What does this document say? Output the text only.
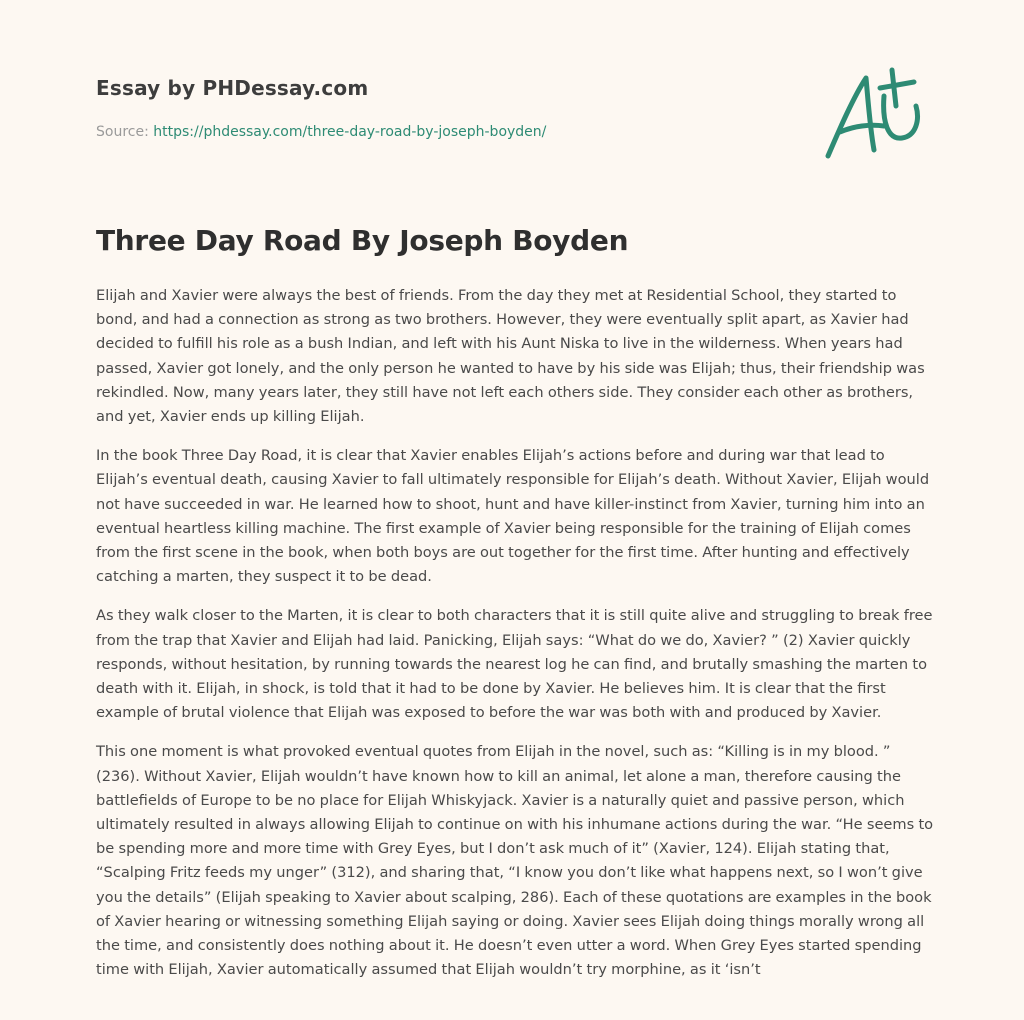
Essay by PHDessay.com
Source: https://phdessay.com/three-day-road-by-joseph-boyden/
Three Day Road By Joseph Boyden

Elijah and Xavier were always the best of friends. From the day they met at Residential School, they started to bond, and had a connection as strong as two brothers. However, they were eventually split apart, as Xavier had decided to fulfill his role as a bush Indian, and left with his Aunt Niska to live in the wilderness. When years had passed, Xavier got lonely, and the only person he wanted to have by his side was Elijah; thus, their friendship was rekindled. Now, many years later, they still have not left each others side. They consider each other as brothers, and yet, Xavier ends up killing Elijah.

In the book Three Day Road, it is clear that Xavier enables Elijah’s actions before and during war that lead to Elijah’s eventual death, causing Xavier to fall ultimately responsible for Elijah’s death. Without Xavier, Elijah would not have succeeded in war. He learned how to shoot, hunt and have killer-instinct from Xavier, turning him into an eventual heartless killing machine. The first example of Xavier being responsible for the training of Elijah comes from the first scene in the book, when both boys are out together for the first time. After hunting and effectively catching a marten, they suspect it to be dead.

As they walk closer to the Marten, it is clear to both characters that it is still quite alive and struggling to break free from the trap that Xavier and Elijah had laid. Panicking, Elijah says: “What do we do, Xavier? ” (2) Xavier quickly responds, without hesitation, by running towards the nearest log he can find, and brutally smashing the marten to death with it. Elijah, in shock, is told that it had to be done by Xavier. He believes him. It is clear that the first example of brutal violence that Elijah was exposed to before the war was both with and produced by Xavier.

This one moment is what provoked eventual quotes from Elijah in the novel, such as: “Killing is in my blood. ” (236). Without Xavier, Elijah wouldn’t have known how to kill an animal, let alone a man, therefore causing the battlefields of Europe to be no place for Elijah Whiskyjack. Xavier is a naturally quiet and passive person, which ultimately resulted in always allowing Elijah to continue on with his inhumane actions during the war. “He seems to be spending more and more time with Grey Eyes, but I don’t ask much of it” (Xavier, 124). Elijah stating that, “Scalping Fritz feeds my unger” (312), and sharing that, “I know you don’t like what happens next, so I won’t give you the details” (Elijah speaking to Xavier about scalping, 286). Each of these quotations are examples in the book of Xavier hearing or witnessing something Elijah saying or doing. Xavier sees Elijah doing things morally wrong all the time, and consistently does nothing about it. He doesn’t even utter a word. When Grey Eyes started spending time with Elijah, Xavier automatically assumed that Elijah wouldn’t try morphine, as it ‘isn’t
